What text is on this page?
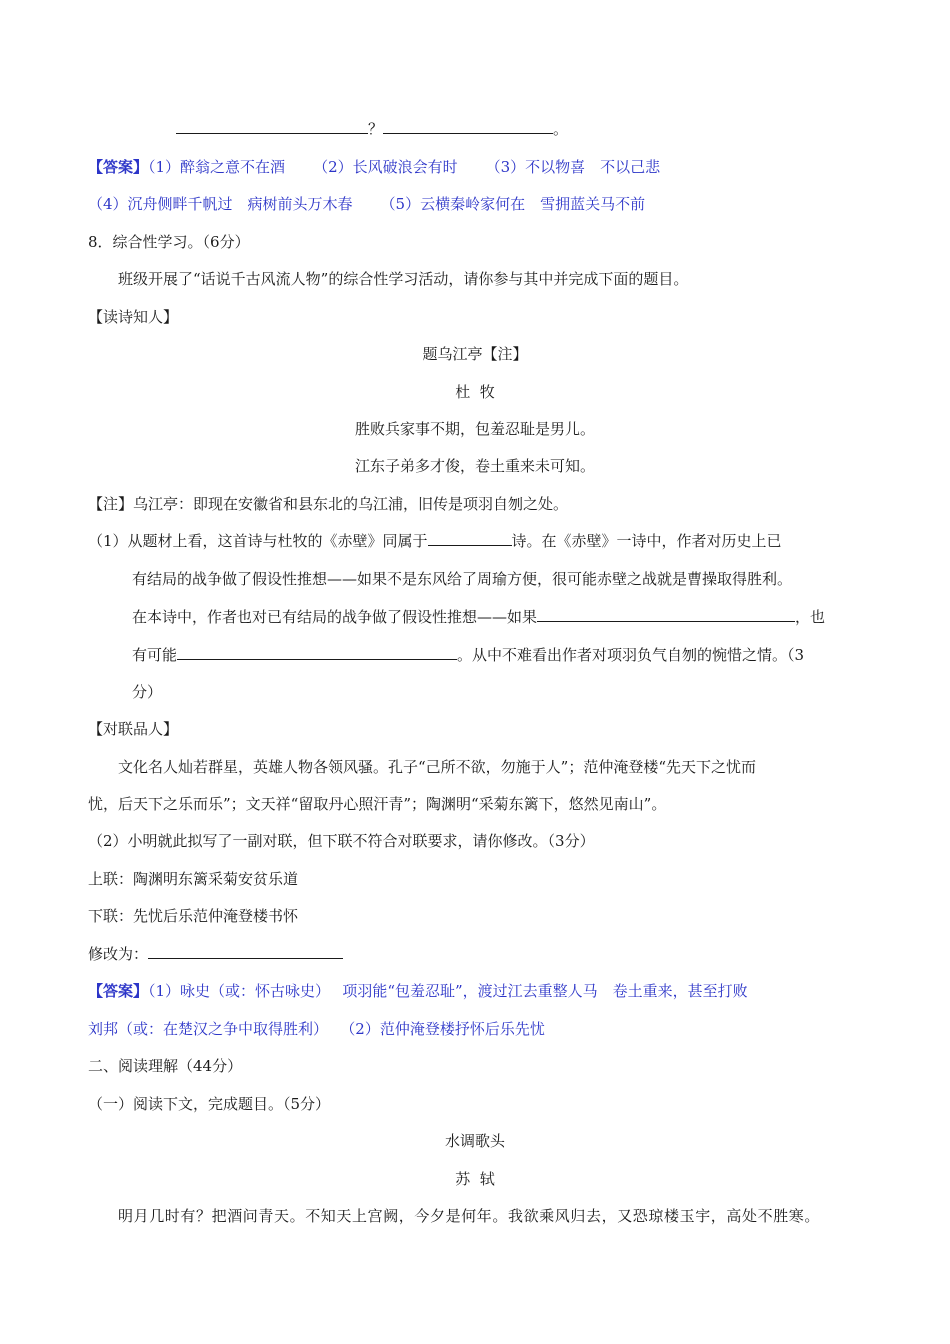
？	。
【答案】（1）醉翁之意不在酒 （2）长风破浪会有时 （3）不以物喜　不以己悲
（4）沉舟侧畔千帆过　病树前头万木春 （5）云横秦岭家何在　雪拥蓝关马不前
8．综合性学习。（6分）
班级开展了“话说千古风流人物”的综合性学习活动，请你参与其中并完成下面的题目。
【读诗知人】
题乌江亭【注】
杜  牧
胜败兵家事不期，包羞忍耻是男儿。
江东子弟多才俊，卷土重来未可知。
【注】乌江亭：即现在安徽省和县东北的乌江浦，旧传是项羽自刎之处。
（1）从题材上看，这首诗与杜牧的《赤壁》同属于	诗。在《赤壁》一诗中，作者对历史上已
有结局的战争做了假设性推想——如果不是东风给了周瑜方便，很可能赤壁之战就是曹操取得胜利。
在本诗中，作者也对已有结局的战争做了假设性推想——如果	，也
有可能	。从中不难看出作者对项羽负气自刎的惋惜之情。（3
分）
【对联品人】
文化名人灿若群星，英雄人物各领风骚。孔子“己所不欲，勿施于人”；范仲淹登楼“先天下之忧而
忧，后天下之乐而乐”；文天祥“留取丹心照汗青”；陶渊明“采菊东篱下，悠然见南山”。
（2）小明就此拟写了一副对联，但下联不符合对联要求，请你修改。（3分）
上联：陶渊明东篱采菊安贫乐道
下联：先忧后乐范仲淹登楼书怀
修改为：
【答案】（1）咏史（或：怀古咏史）　 项羽能“包羞忍耻”，渡过江去重整人马　卷土重来，甚至打败
刘邦（或：在楚汉之争中取得胜利）　 （2）范仲淹登楼抒怀后乐先忧
二、阅读理解（44分）
（一）阅读下文，完成题目。（5分）
水调歌头
苏  轼
明月几时有？把酒问青天。不知天上宫阙，今夕是何年。我欲乘风归去，又恐琼楼玉宇，高处不胜寒。
